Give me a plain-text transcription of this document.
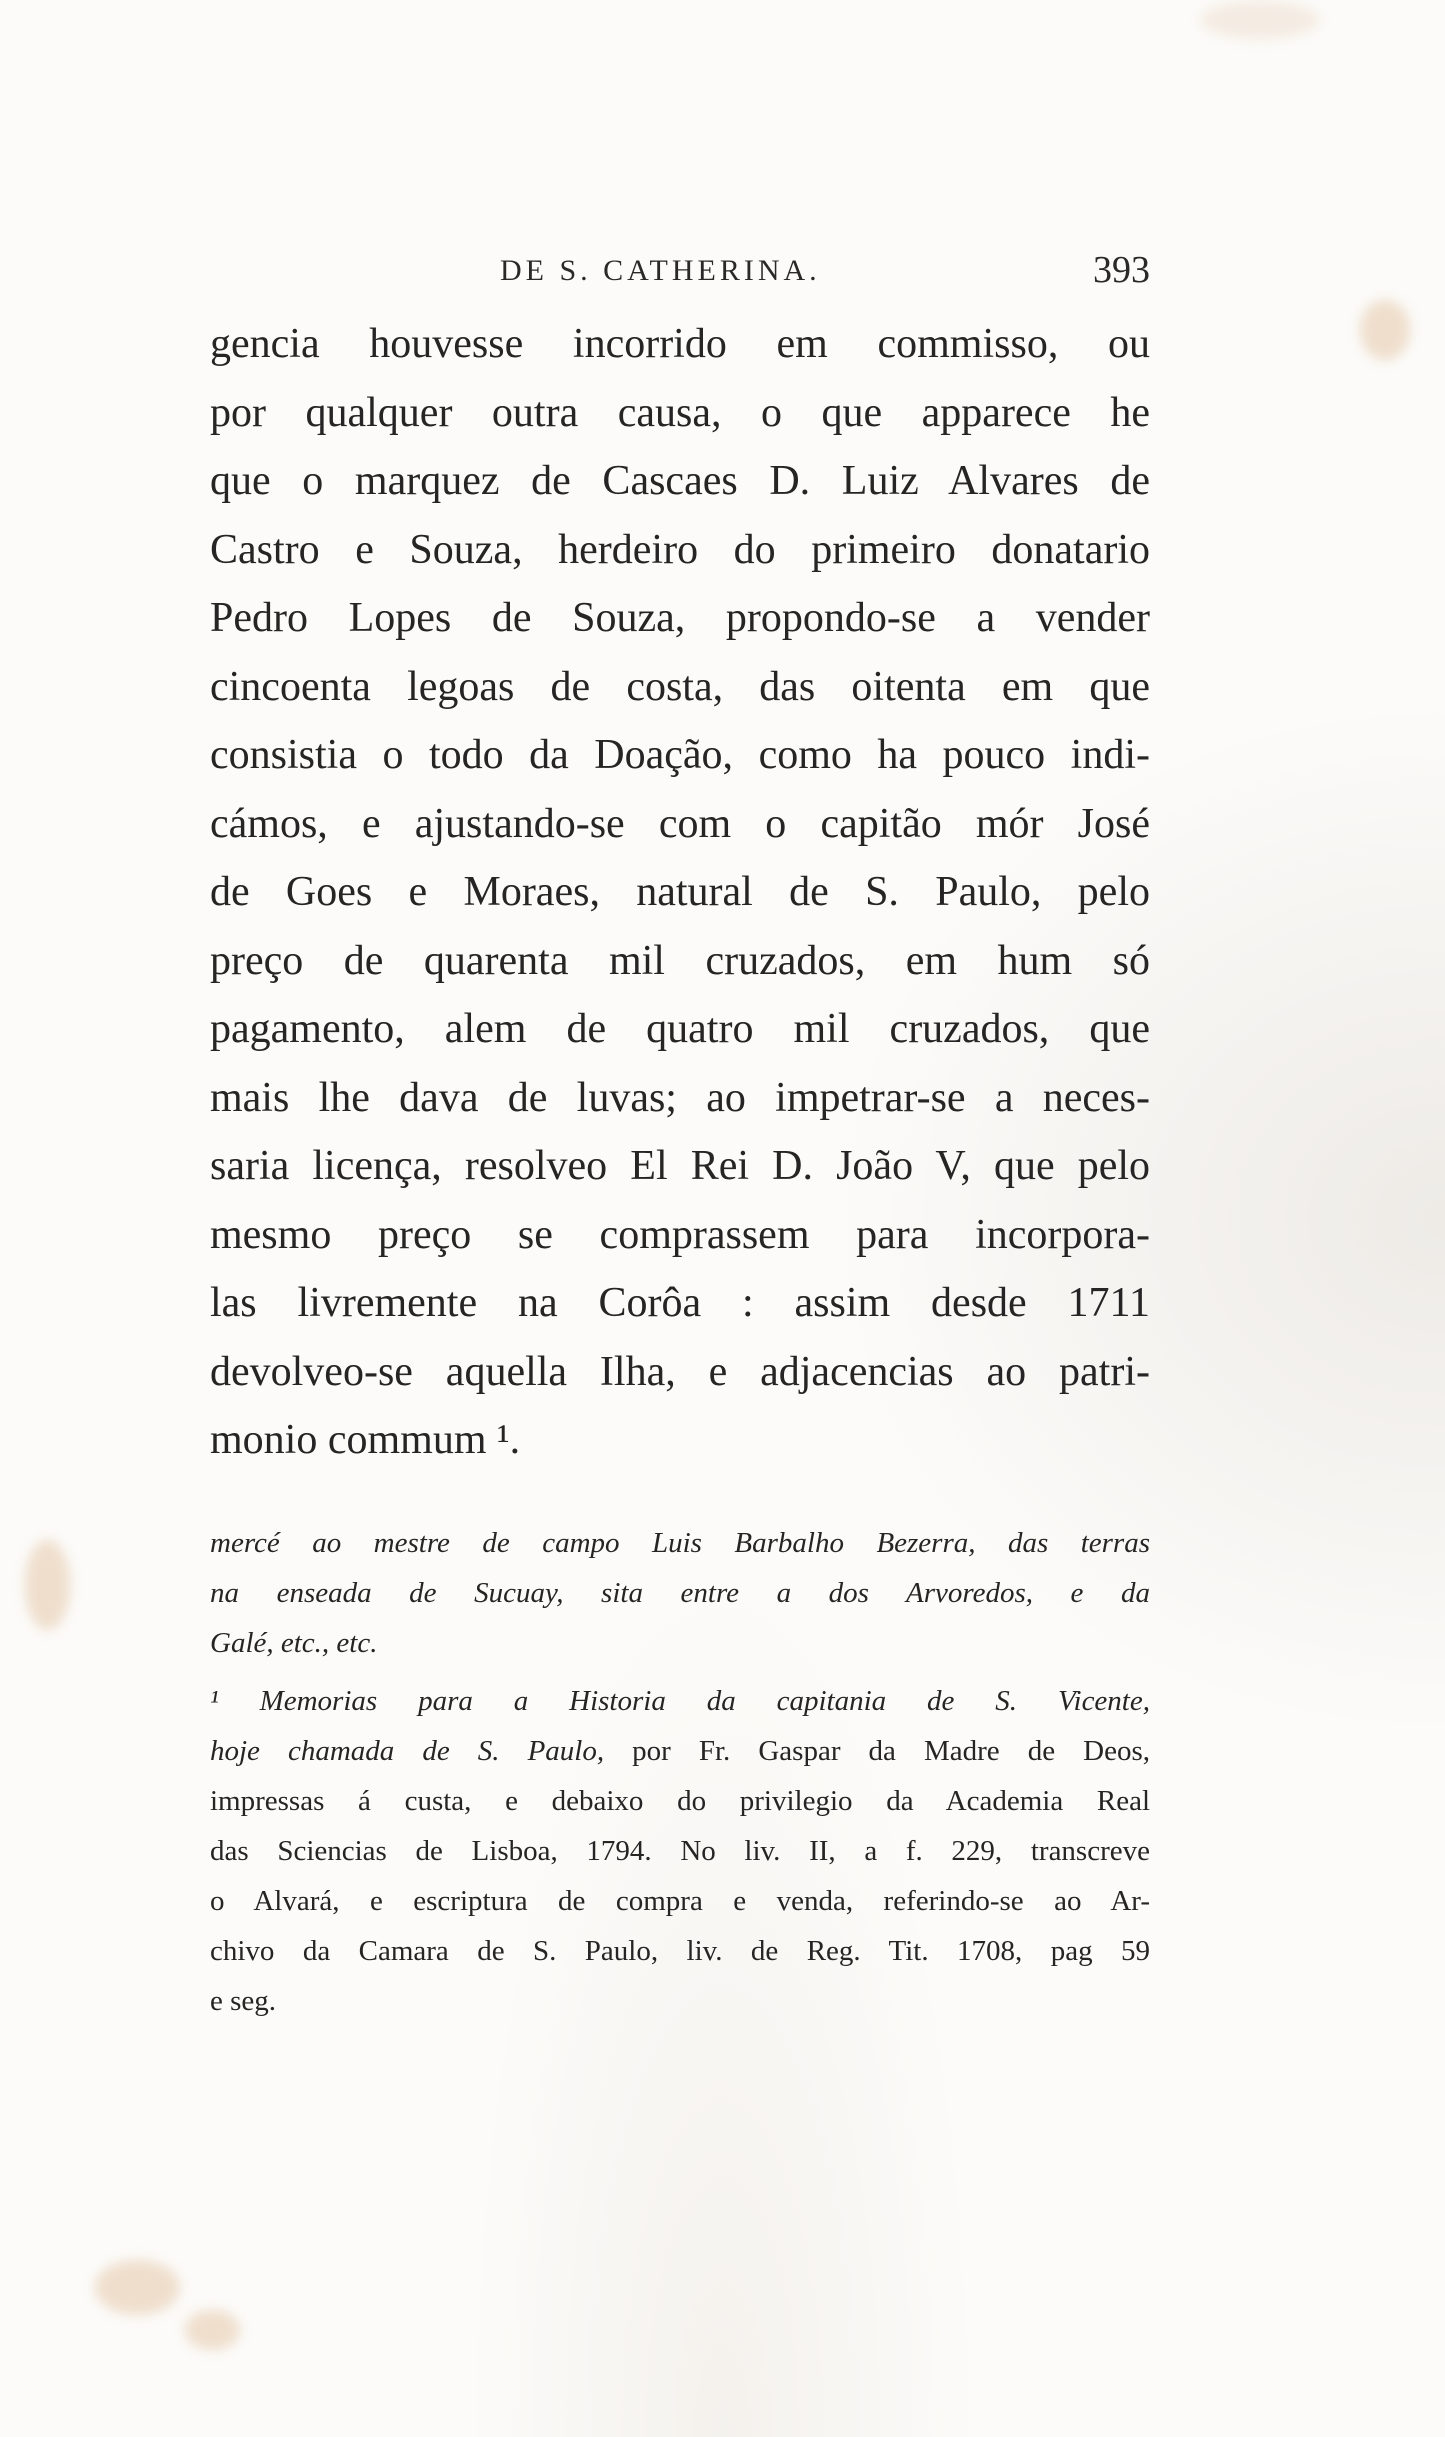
DE S. CATHERINA.	393
gencia houvesse incorrido em commisso, ou
por qualquer outra causa, o que apparece he
que o marquez de Cascaes D. Luiz Alvares de
Castro e Souza, herdeiro do primeiro donatario
Pedro Lopes de Souza, propondo-se a vender
cincoenta legoas de costa, das oitenta em que
consistia o todo da Doação, como ha pouco indi-
cámos, e ajustando-se com o capitão mór José
de Goes e Moraes, natural de S. Paulo, pelo
preço de quarenta mil cruzados, em hum só
pagamento, alem de quatro mil cruzados, que
mais lhe dava de luvas; ao impetrar-se a neces-
saria licença, resolveo El Rei D. João V, que pelo
mesmo preço se comprassem para incorpora-
las livremente na Corôa : assim desde 1711
devolveo-se aquella Ilha, e adjacencias ao patri-
monio commum ¹.
mercé ao mestre de campo Luis Barbalho Bezerra, das terras
na enseada de Sucuay, sita entre a dos Arvoredos, e da
Galé, etc., etc.
¹ Memorias para a Historia da capitania de S. Vicente,
hoje chamada de S. Paulo, por Fr. Gaspar da Madre de Deos,
impressas á custa, e debaixo do privilegio da Academia Real
das Sciencias de Lisboa, 1794. No liv. II, a f. 229, transcreve
o Alvará, e escriptura de compra e venda, referindo-se ao Ar-
chivo da Camara de S. Paulo, liv. de Reg. Tit. 1708, pag 59
e seg.
